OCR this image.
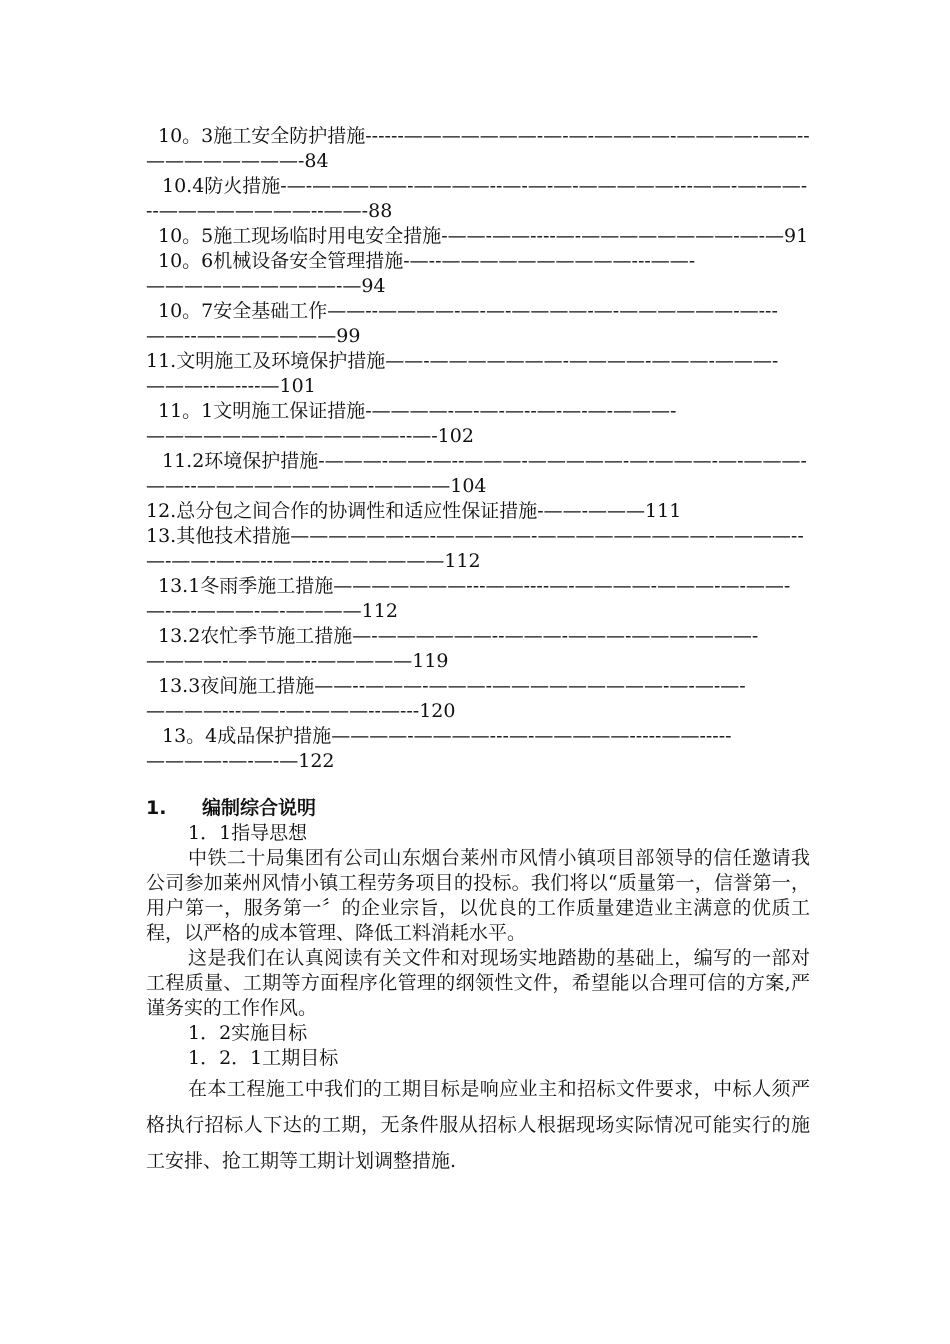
10。3施工安全防护措施------———————-—-—-————-————-——--————————-84
10.4防火措施-—-—————-————--—-—-—-—————---——-—-——---————————--——-88
10。5施工现场临时用电安全措施-——-——----—-————————-—-—91
10。6机械设备安全管理措施-—--——————————---——-——————————-—94
10。7安全基础工作——--————-—-—-————-—-——————-—---——--—-——————99
11.文明施工及环境保护措施——-———————-————-———-———-———--—----—101
11。1文明施工保证措施-————-—-—-—--—-—-—-———-———————-——————--—-102
11.2环境保护措施-———-——-—--———-—————-—-———-—-———-——--—————————-————104
12.总分包之间合作的协调性和适应性保证措施-——-———111
13.其他技术措施——————-—-—————-—————————-————--—-——-—-—--——---——————112
13.1冬雨季施工措施———————---——----—-————-———-—-——-—-—-———-—-————112
13.2农忙季节施工措施—-——————--———-———-———-———-————-————--—————119
13.3夜间施工措施——--———-———-—————————-—-—-—-————---——-—-———--—---120
13。4成品保护措施————-————---—-—————-----——-----————-—-—-—122
1. 编制综合说明
1．1指导思想
中铁二十局集团有公司山东烟台莱州市风情小镇项目部领导的信任邀请我公司参加莱州风情小镇工程劳务项目的投标。我们将以“质量第一，信誉第一，用户第一，服务第一〞的企业宗旨，以优良的工作质量建造业主满意的优质工程，以严格的成本管理、降低工料消耗水平。
这是我们在认真阅读有关文件和对现场实地踏勘的基础上，编写的一部对工程质量、工期等方面程序化管理的纲领性文件，希望能以合理可信的方案,严谨务实的工作作风。
1．2实施目标
1．2．1工期目标
在本工程施工中我们的工期目标是响应业主和招标文件要求，中标人须严格执行招标人下达的工期，无条件服从招标人根据现场实际情况可能实行的施工安排、抢工期等工期计划调整措施.
